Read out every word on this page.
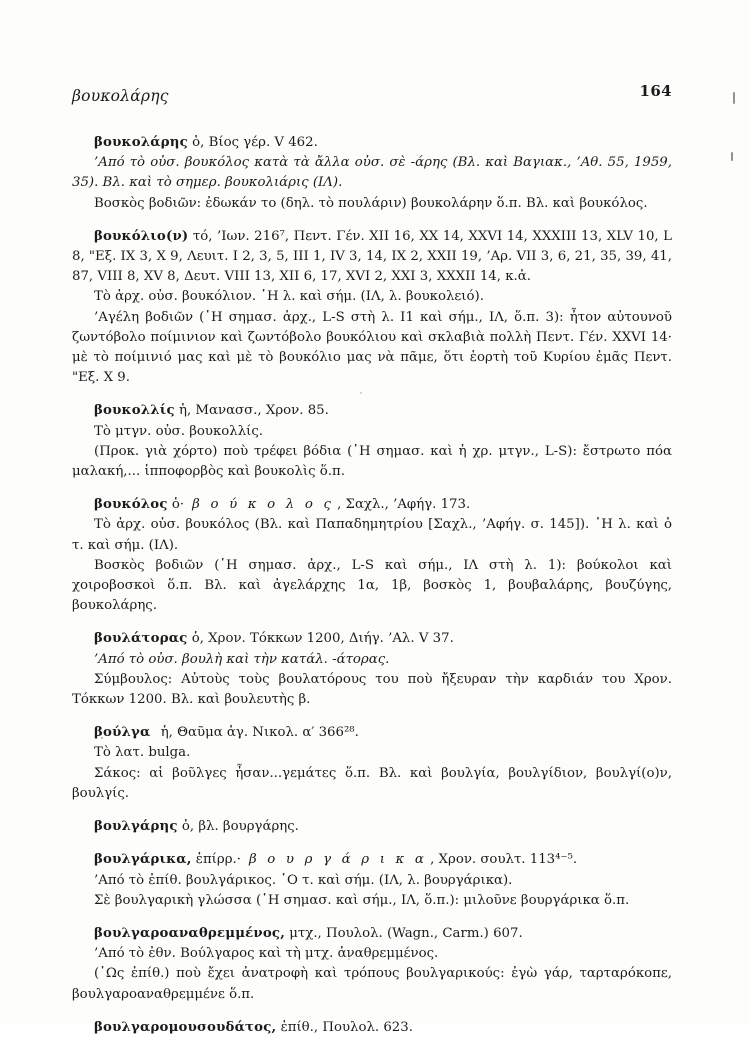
βουκολάρης	164
βουκολάρης ὁ, Βίος γέρ. V 462.
’Από τὸ οὐσ. βουκόλος κατὰ τὰ ἄλλα οὐσ. σὲ -άρης (Βλ. καὶ Βαγιακ., ’Αθ. 55, 1959, 35). Βλ. καὶ τὸ σημερ. βουκολιάρις (ΙΛ).
Βοσκὸς βοδιῶν: ἐδωκάν το (δηλ. τὸ πουλάριν) βουκολάρην ὅ.π. Βλ. καὶ βουκόλος.
βουκόλιο(ν) τό, ’Ιων. 216⁷, Πεντ. Γέν. XII 16, XX 14, XXVI 14, XXXIII 13, XLV 10, L 8, "Εξ. IX 3, X 9, Λευιτ. I 2, 3, 5, III 1, IV 3, 14, IX 2, XXII 19, ’Αρ. VII 3, 6, 21, 35, 39, 41, 87, VIII 8, XV 8, Δευτ. VIII 13, XII 6, 17, XVI 2, XXI 3, XXXII 14, κ.ἀ.
Τὸ ἀρχ. οὐσ. βουκόλιον. ῾Η λ. καὶ σήμ. (ΙΛ, λ. βουκολειό).
’Αγέλη βοδιῶν (῾Η σημασ. ἀρχ., L-S στὴ λ. I1 καὶ σήμ., ΙΛ, ὅ.π. 3): ἦτον αὐτουνοῦ ζωντόβολο ποίμινιον καὶ ζωντόβολο βουκόλιου καὶ σκλαβιὰ πολλὴ Πεντ. Γέν. XXVI 14· μὲ τὸ ποίμινιό μας καὶ μὲ τὸ βουκόλιο μας νὰ πᾶμε, ὅτι ἑορτὴ τοῦ Κυρίου ἐμᾶς Πεντ. "Εξ. X 9.
βουκολλίς ἡ, Μανασσ., Χρον. 85.
Τὸ μτγν. οὐσ. βουκολλίς.
(Προκ. γιὰ χόρτο) ποὺ τρέφει βόδια (῾Η σημασ. καὶ ἡ χρ. μτγν., L-S): ἔστρωτο πόα μαλακή,... ἱπποφορβὸς καὶ βουκολὶς ὅ.π.
βουκόλος ὁ· β ο ύ κ ο λ ο ς , Σαχλ., ’Αφήγ. 173.
Τὸ ἀρχ. οὐσ. βουκόλος (Βλ. καὶ Παπαδημητρίου [Σαχλ., ’Αφήγ. σ. 145]). ῾Η λ. καὶ ὁ τ. καὶ σήμ. (ΙΛ).
Βοσκὸς βοδιῶν (῾Η σημασ. ἀρχ., L-S καὶ σήμ., ΙΛ στὴ λ. 1): βούκολοι καὶ χοιροβοσκοὶ ὅ.π. Βλ. καὶ ἀγελάρχης 1α, 1β, βοσκὸς 1, βουβαλάρης, βουζύγης, βουκολάρης.
βουλάτορας ὁ, Χρον. Τόκκων 1200, Διήγ. ’Αλ. V 37.
’Από τὸ οὐσ. βουλὴ καὶ τὴν κατάλ. -άτορας.
Σύμβουλος: Αὐτοὺς τοὺς βουλατόρους του ποὺ ἤξευραν τὴν καρδιάν του Χρον. Τόκκων 1200. Βλ. καὶ βουλευτὴς β.
βούλγα ἡ, Θαῦμα ἁγ. Νικολ. α′ 366²⁸.
Τὸ λατ. bulga.
Σάκος: αἱ βοῦλγες ἦσαν...γεμάτες ὅ.π. Βλ. καὶ βουλγία, βουλγίδιον, βουλγί(ο)ν, βουλγίς.
βουλγάρης ὁ, βλ. βουργάρης.
βουλγάρικα, ἐπίρρ.· β ο υ ρ γ ά ρ ι κ α , Χρον. σουλτ. 113⁴⁻⁵.
’Από τὸ ἐπίθ. βουλγάρικος. ῾Ο τ. καὶ σήμ. (ΙΛ, λ. βουργάρικα).
Σὲ βουλγαρικὴ γλώσσα (῾Η σημασ. καὶ σήμ., ΙΛ, ὅ.π.): μιλοῦνε βουργάρικα ὅ.π.
βουλγαροαναθρεμμένος, μτχ., Πουλολ. (Wagn., Carm.) 607.
’Από τὸ ἐθν. Βούλγαρος καὶ τὴ μτχ. ἀναθρεμμένος.
(῾Ως ἐπίθ.) ποὺ ἔχει ἀνατροφὴ καὶ τρόπους βουλγαρικούς: ἐγὼ γάρ, ταρταρόκοπε, βουλγαροαναθρεμμένε ὅ.π.
βουλγαρομουσουδάτος, ἐπίθ., Πουλολ. 623.
